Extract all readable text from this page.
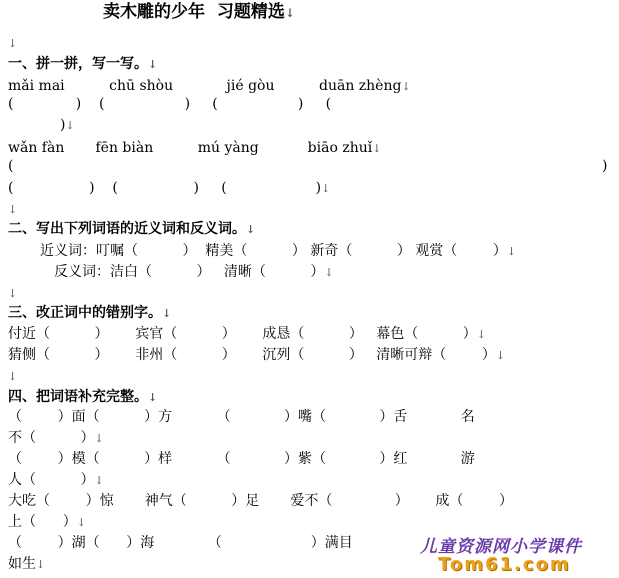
卖木雕的少年  习题精选↓
↓
一、拼一拼，写一写。↓
mǎi mai          chū shòu            jié gòu          duān zhèng↓
(              )    (                  )     (                  )     (
)↓
wǎn fàn       fēn biàn          mú yàng           biāo zhuǐ↓
(	)
(                 )    (                 )     (                    )↓
↓
二、写出下列词语的近义词和反义词。↓
近义词：叮嘱（          ）  精美（          ） 新奇（          ） 观赏（        ）↓
反义词：洁白（          ）   清晰（          ）↓
↓
三、改正词中的错别字。↓
付近（          ）      宾官（          ）      成恳（          ）   幕色（          ）↓
猜侧（          ）      非州（          ）      沉列（          ）   清晰可辩（        ）↓
↓
四、把词语补充完整。↓
（        ）面（          ）方          （            ）嘴（            ）舌            名
不（          ）↓
（        ）模（          ）样          （            ）紫（            ）红            游
人（          ）↓
大吃（        ）惊       神气（          ）足       爱不（              ）      成（        ）
上（      ）↓
（        ）湖（      ）海            （                    ）满目
如生↓
儿童资源网小学课件
Tom61.com
